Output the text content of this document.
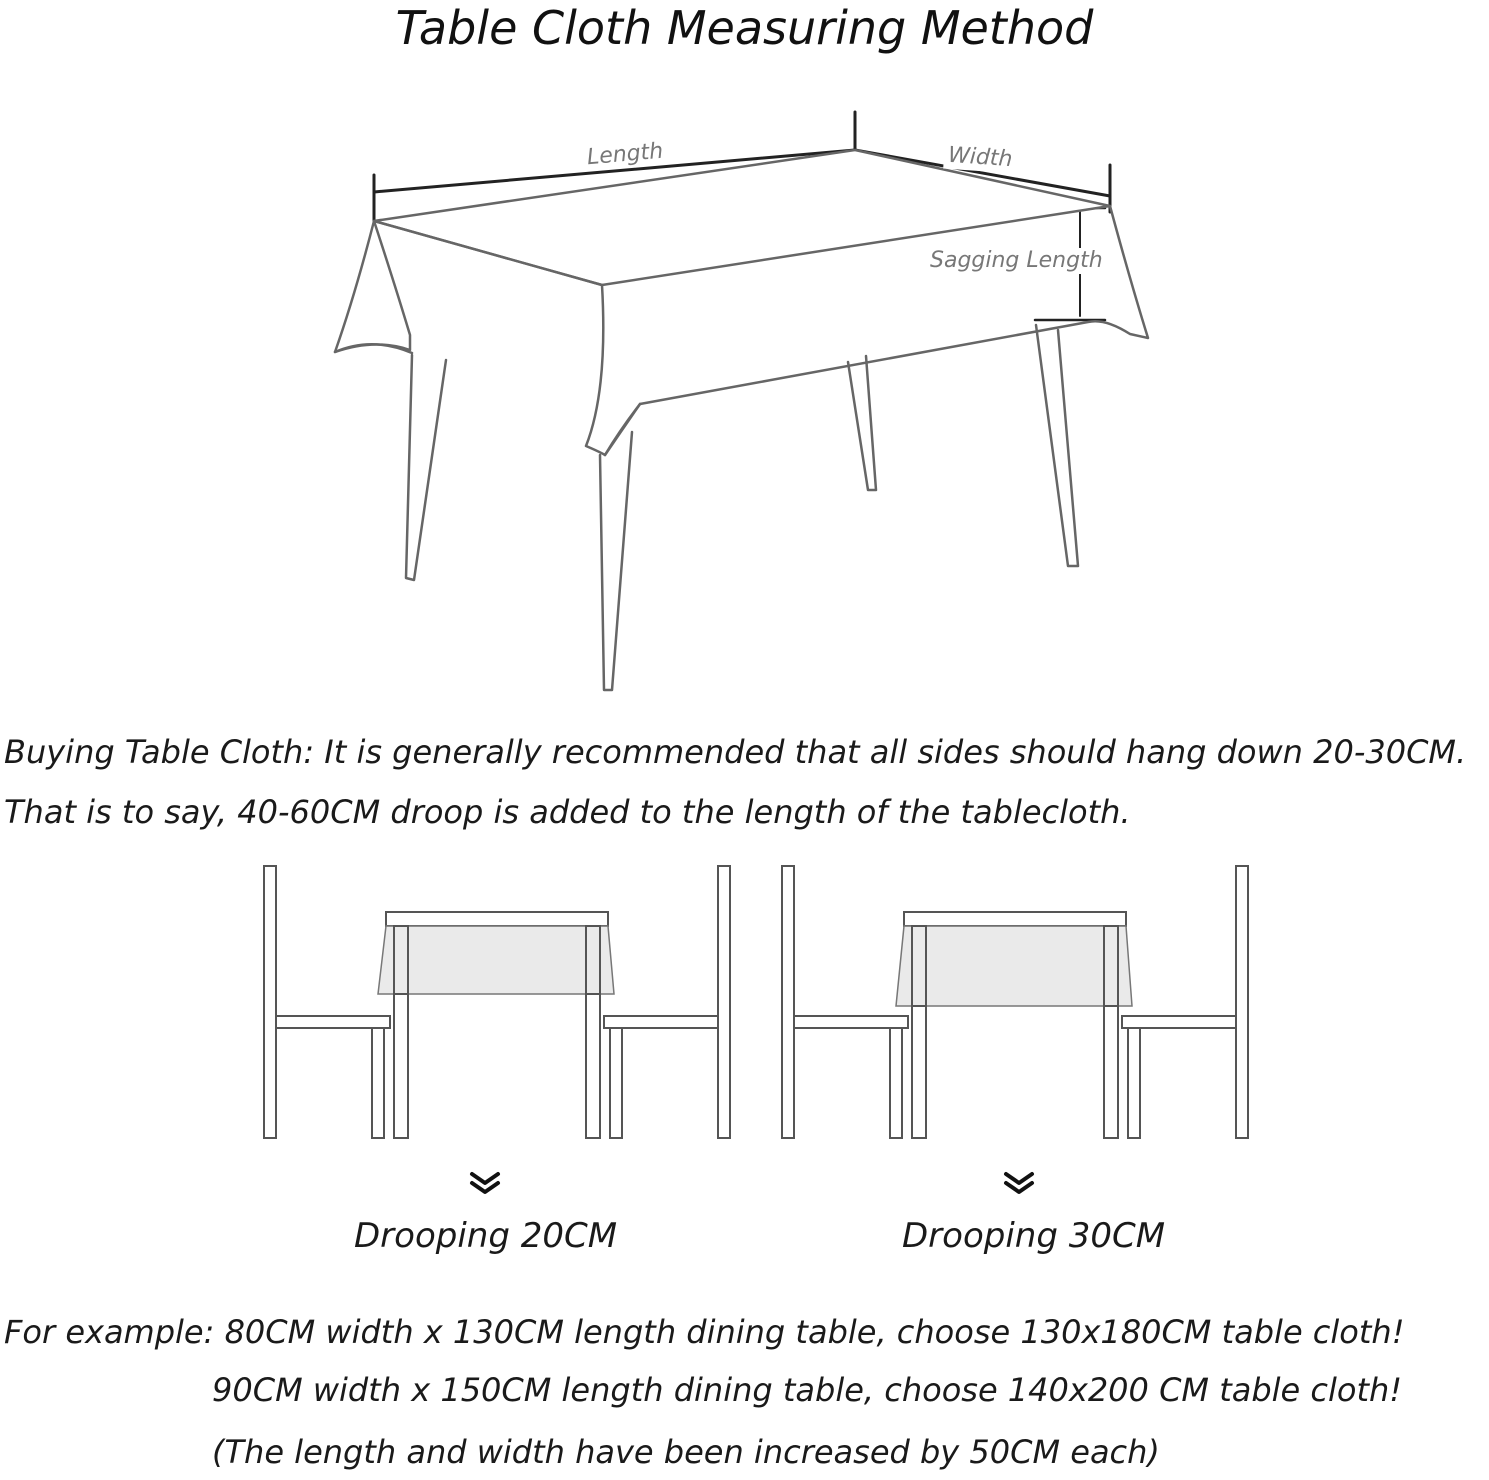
Table Cloth Measuring Method
Length	Width
Sagging Length
Buying Table Cloth: It is generally recommended that all sides should hang down 20-30CM.
That is to say, 40-60CM droop is added to the length of the tablecloth.
Drooping 20CM	Drooping 30CM
For example: 80CM width x 130CM length dining table, choose 130x180CM table cloth!
90CM width x 150CM length dining table, choose 140x200 CM table cloth!
(The length and width have been increased by 50CM each)
